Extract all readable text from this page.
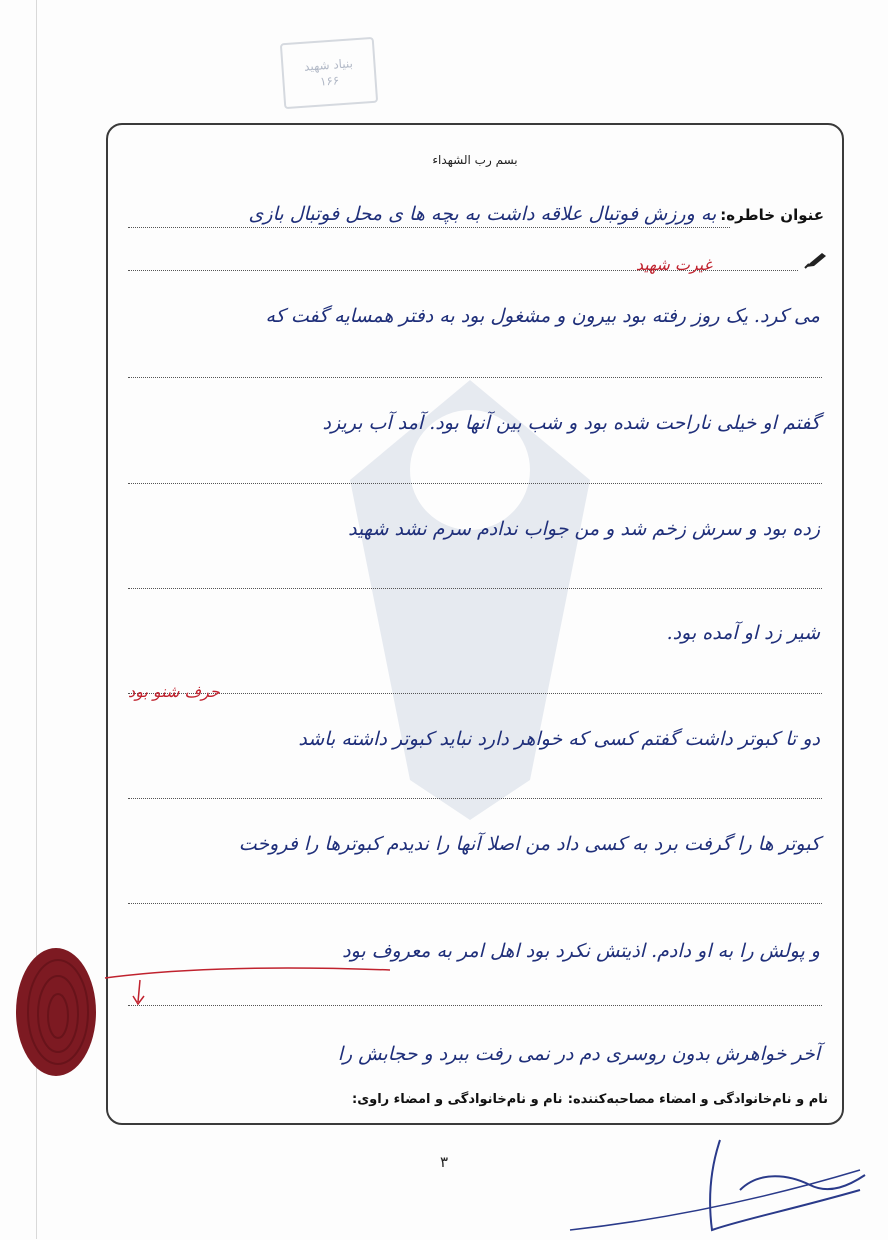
بنیاد شهید
۱۶۶
بسم رب الشهداء
عنوان خاطره:
به ورزش فوتبال علاقه داشت به بچه ها ی محل فوتبال بازی
غیرت شهید
می کرد. یک روز رفته بود بیرون و مشغول بود به دفتر همسایه گفت که
گفتم او خیلی ناراحت شده بود و شب بین آنها بود. آمد آب بریزد
زده بود و سرش زخم شد و من جواب ندادم سرم نشد شهید
شیر زد او آمده بود.
حرف شنو بود
دو تا کبوتر داشت گفتم کسی که خواهر دارد نباید کبوتر داشته باشد
کبوتر ها را گرفت برد به کسی داد من اصلا آنها را ندیدم کبوترها را فروخت
و پولش را به او دادم. اذیتش نکرد بود اهل امر به معروف بود
آخر خواهرش بدون روسری دم در نمی رفت ببرد و حجابش را
نام و نام‌خانوادگی و امضاء مصاحبه‌کننده:
نام و نام‌خانوادگی و امضاء راوی:
۳
